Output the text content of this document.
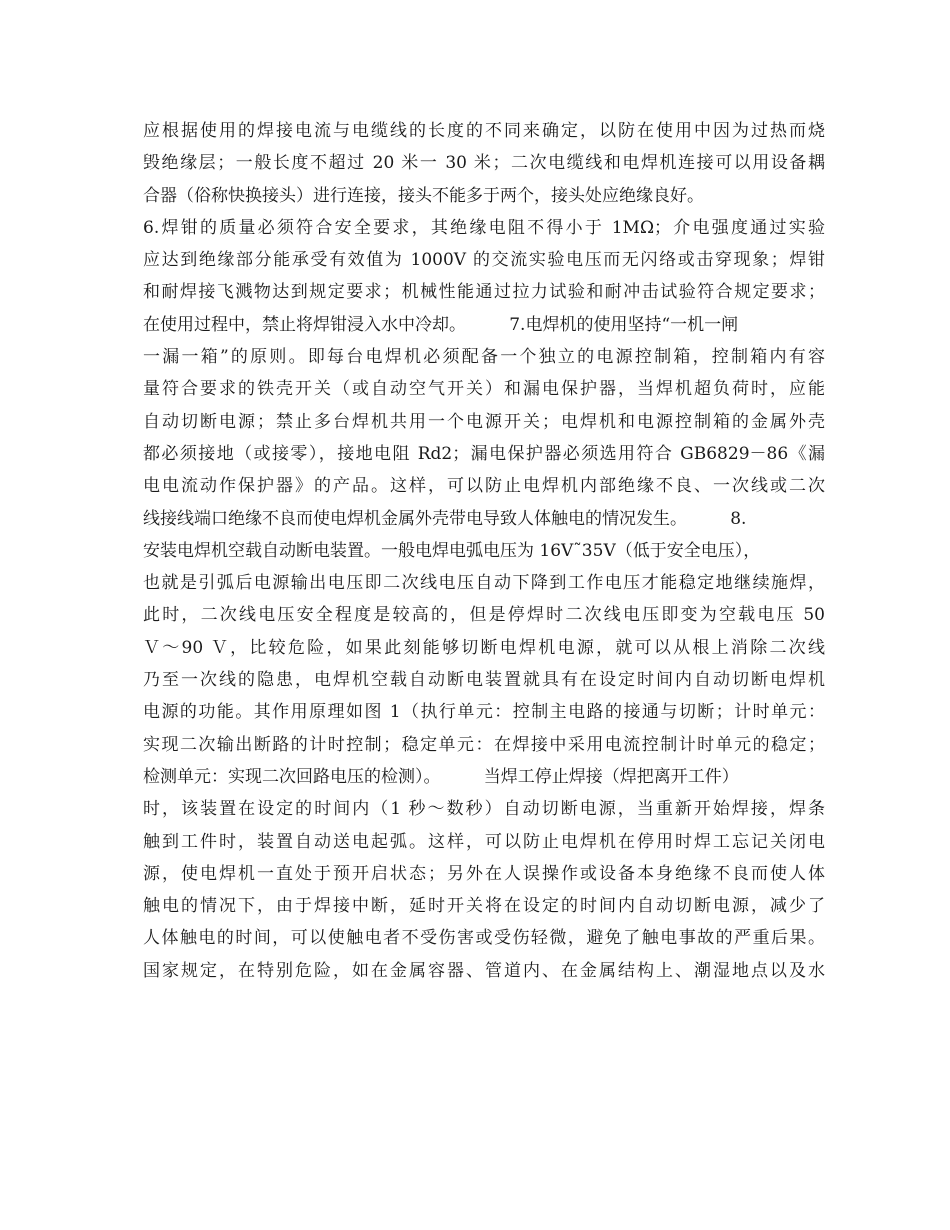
应根据使用的焊接电流与电缆线的长度的不同来确定，以防在使用中因为过热而烧
毁绝缘层；一般长度不超过 20 米一 30 米；二次电缆线和电焊机连接可以用设备耦
合器（俗称快换接头）进行连接，接头不能多于两个，接头处应绝缘良好。
6.焊钳的质量必须符合安全要求，其绝缘电阻不得小于 1MΩ；介电强度通过实验
应达到绝缘部分能承受有效值为 1000V 的交流实验电压而无闪络或击穿现象；焊钳
和耐焊接飞溅物达到规定要求；机械性能通过拉力试验和耐冲击试验符合规定要求；
在使用过程中，禁止将焊钳浸入水中冷却。        7.电焊机的使用坚持“一机一闸
一漏一箱”的原则。即每台电焊机必须配备一个独立的电源控制箱，控制箱内有容
量符合要求的铁壳开关（或自动空气开关）和漏电保护器，当焊机超负荷时，应能
自动切断电源；禁止多台焊机共用一个电源开关；电焊机和电源控制箱的金属外壳
都必须接地（或接零），接地电阻 Rd2；漏电保护器必须选用符合 GB6829－86《漏
电电流动作保护器》的产品。这样，可以防止电焊机内部绝缘不良、一次线或二次
线接线端口绝缘不良而使电焊机金属外壳带电导致人体触电的情况发生。        8.
安装电焊机空载自动断电装置。一般电焊电弧电压为 16V˜35V（低于安全电压），
也就是引弧后电源输出电压即二次线电压自动下降到工作电压才能稳定地继续施焊，
此时，二次线电压安全程度是较高的，但是停焊时二次线电压即变为空载电压 50
Ｖ～90 Ｖ，比较危险，如果此刻能够切断电焊机电源，就可以从根上消除二次线
乃至一次线的隐患，电焊机空载自动断电装置就具有在设定时间内自动切断电焊机
电源的功能。其作用原理如图 1（执行单元：控制主电路的接通与切断；计时单元：
实现二次输出断路的计时控制；稳定单元：在焊接中采用电流控制计时单元的稳定；
检测单元：实现二次回路电压的检测）。        当焊工停止焊接（焊把离开工件）
时，该装置在设定的时间内（1 秒～数秒）自动切断电源，当重新开始焊接，焊条
触到工件时，装置自动送电起弧。这样，可以防止电焊机在停用时焊工忘记关闭电
源，使电焊机一直处于预开启状态；另外在人误操作或设备本身绝缘不良而使人体
触电的情况下，由于焊接中断，延时开关将在设定的时间内自动切断电源，减少了
人体触电的时间，可以使触电者不受伤害或受伤轻微，避免了触电事故的严重后果。
国家规定，在特别危险，如在金属容器、管道内、在金属结构上、潮湿地点以及水
